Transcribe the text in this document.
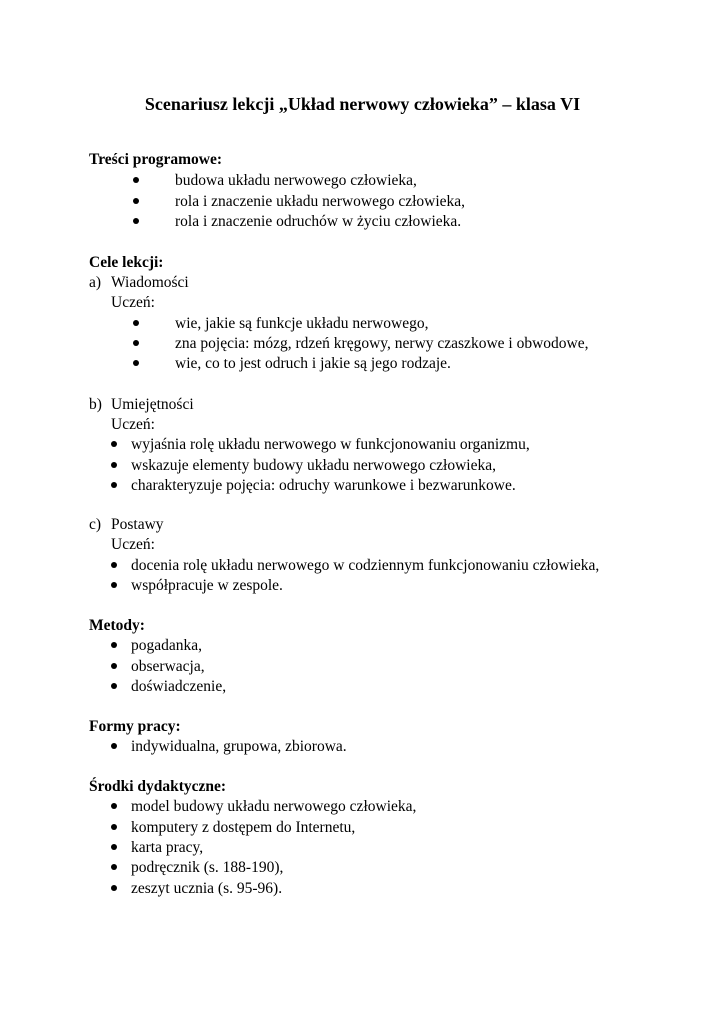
Scenariusz lekcji „Układ nerwowy człowieka” – klasa VI
Treści programowe:
budowa układu nerwowego człowieka,
rola i znaczenie układu nerwowego człowieka,
rola i znaczenie odruchów w życiu człowieka.
Cele lekcji:
a) Wiadomości
Uczeń:
wie, jakie są funkcje układu nerwowego,
zna pojęcia: mózg, rdzeń kręgowy, nerwy czaszkowe i obwodowe,
wie, co to jest odruch i jakie są jego rodzaje.
b) Umiejętności
Uczeń:
wyjaśnia rolę układu nerwowego w funkcjonowaniu organizmu,
wskazuje elementy budowy układu nerwowego człowieka,
charakteryzuje pojęcia: odruchy warunkowe i bezwarunkowe.
c) Postawy
Uczeń:
docenia rolę układu nerwowego w codziennym funkcjonowaniu człowieka,
współpracuje w zespole.
Metody:
pogadanka,
obserwacja,
doświadczenie,
Formy pracy:
indywidualna, grupowa, zbiorowa.
Środki dydaktyczne:
model budowy układu nerwowego człowieka,
komputery z dostępem do Internetu,
karta pracy,
podręcznik (s. 188-190),
zeszyt ucznia (s. 95-96).
